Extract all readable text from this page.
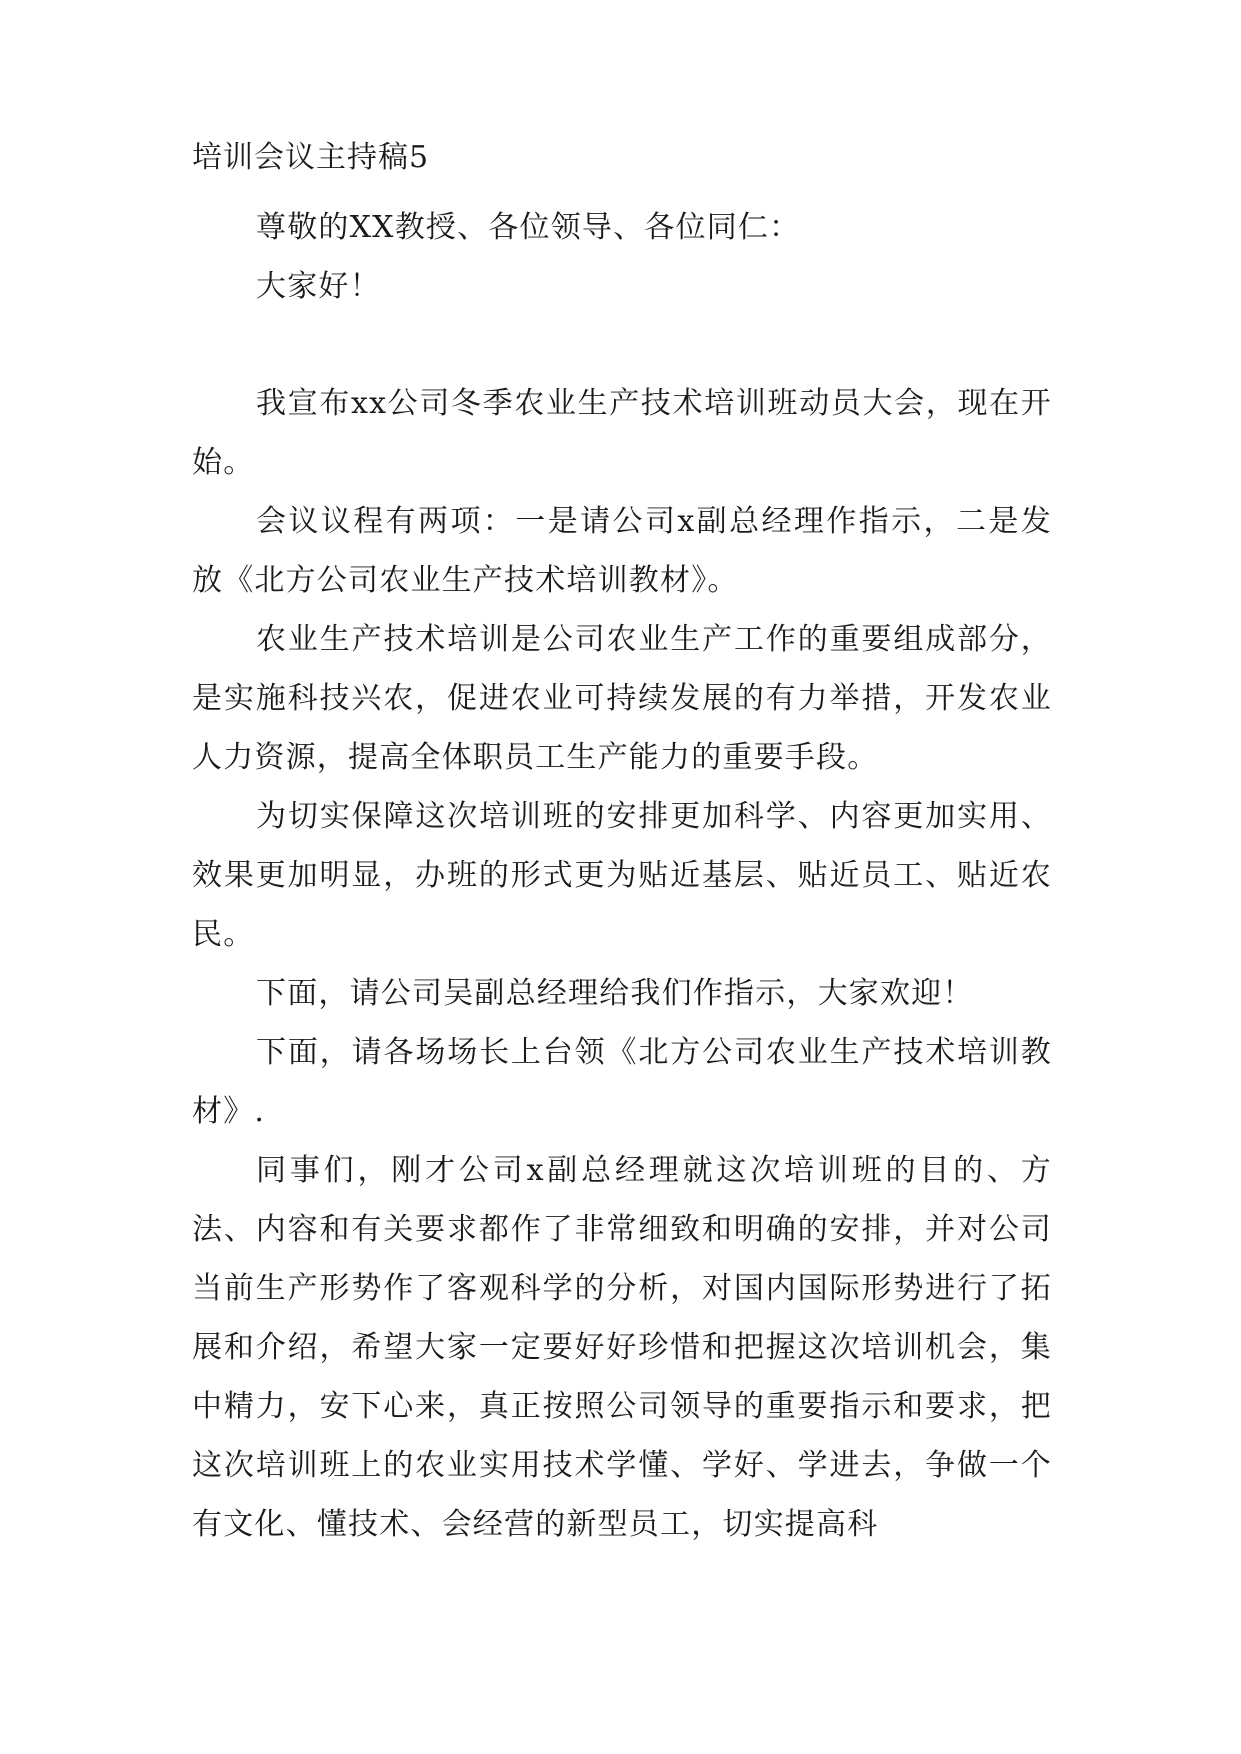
培训会议主持稿5

尊敬的XX教授、各位领导、各位同仁：

大家好！

我宣布xx公司冬季农业生产技术培训班动员大会，现在开始。

会议议程有两项：一是请公司x副总经理作指示，二是发放《北方公司农业生产技术培训教材》。

农业生产技术培训是公司农业生产工作的重要组成部分，是实施科技兴农，促进农业可持续发展的有力举措，开发农业人力资源，提高全体职员工生产能力的重要手段。

为切实保障这次培训班的安排更加科学、内容更加实用、效果更加明显，办班的形式更为贴近基层、贴近员工、贴近农民。

下面，请公司吴副总经理给我们作指示，大家欢迎！

下面，请各场场长上台领《北方公司农业生产技术培训教材》.

同事们，刚才公司x副总经理就这次培训班的目的、方法、内容和有关要求都作了非常细致和明确的安排，并对公司当前生产形势作了客观科学的分析，对国内国际形势进行了拓展和介绍，希望大家一定要好好珍惜和把握这次培训机会，集中精力，安下心来，真正按照公司领导的重要指示和要求，把这次培训班上的农业实用技术学懂、学好、学进去，争做一个有文化、懂技术、会经营的新型员工，切实提高科
